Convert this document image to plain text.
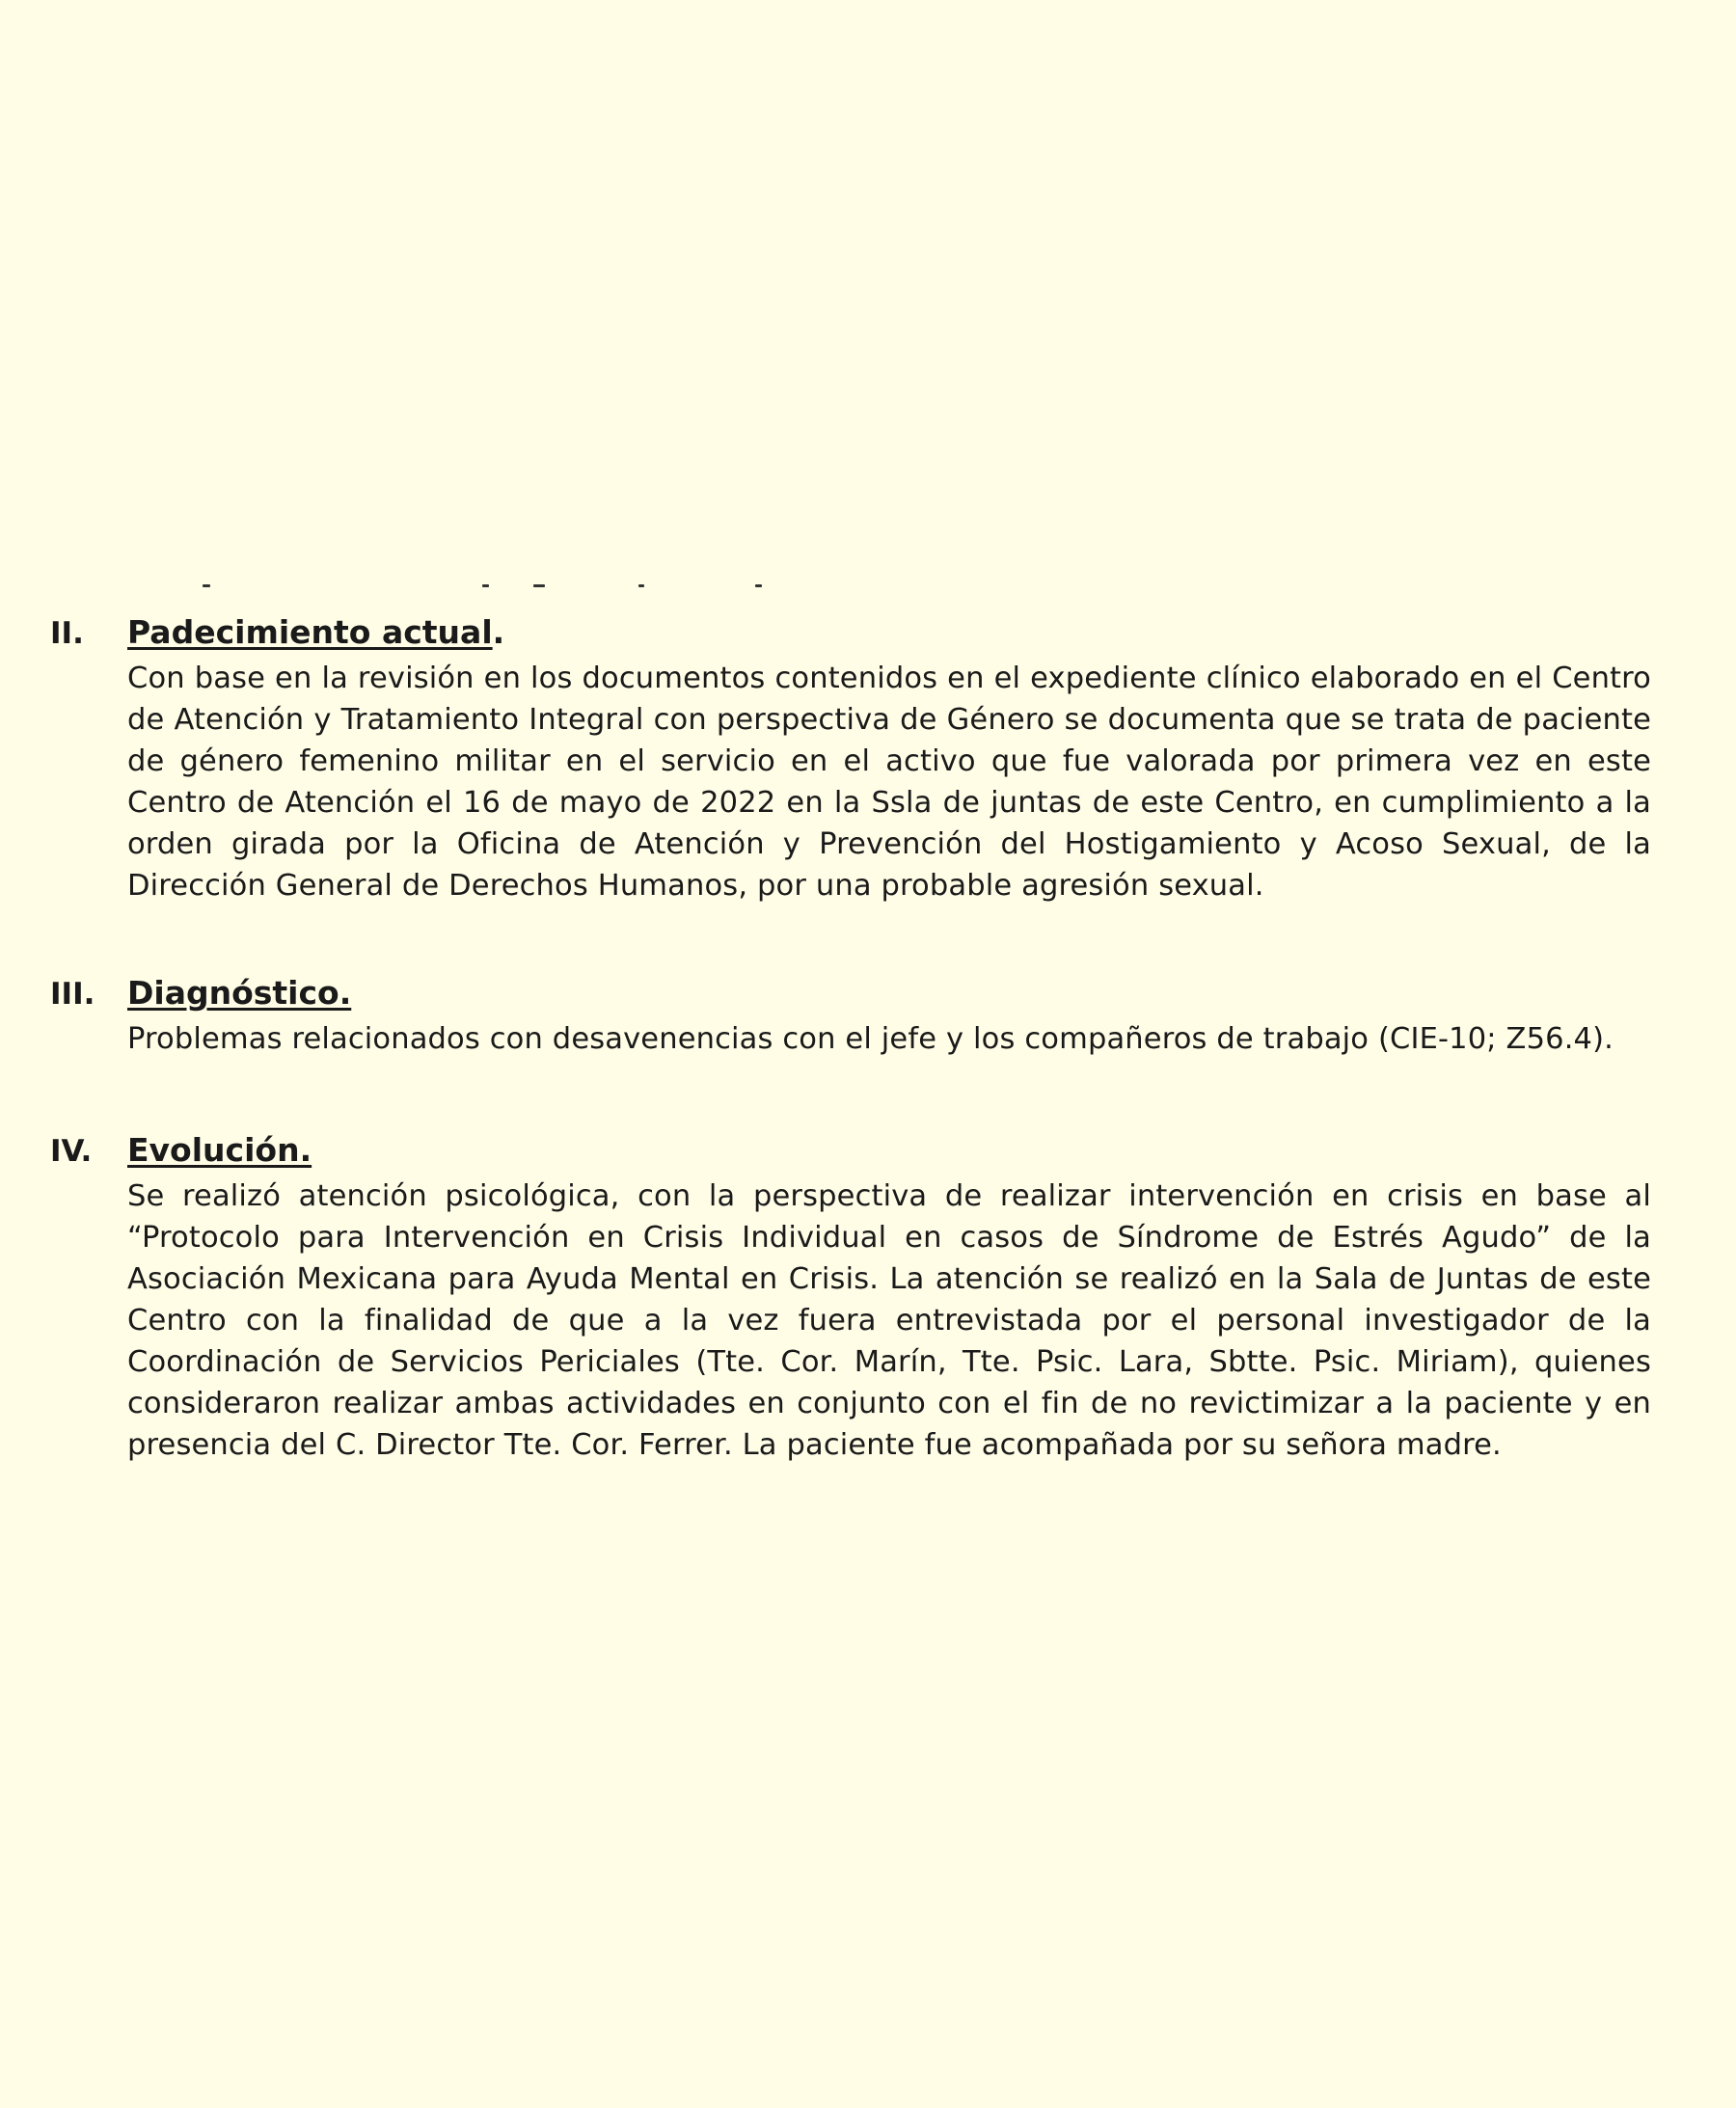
II.	Padecimiento actual .
Con base en la revisión en los documentos contenidos en el expediente clínico elaborado en el Centro de Atención y Tratamiento Integral con perspectiva de Género se documenta que se trata de paciente de género femenino militar en el servicio en el activo que fue valorada por primera vez en este Centro de Atención el 16 de mayo de 2022 en la Ssla de juntas de este Centro, en cumplimiento a la orden girada por la Oficina de Atención y Prevención del Hostigamiento y Acoso Sexual, de la Dirección General de Derechos Humanos, por una probable agresión sexual.
III.	Diagnóstico.
Problemas relacionados con desavenencias con el jefe y los compañeros de trabajo (CIE-10; Z56.4).
IV.	Evolución.
Se realizó atención psicológica, con la perspectiva de realizar intervención en crisis en base al “Protocolo para Intervención en Crisis Individual en casos de Síndrome de Estrés Agudo” de la Asociación Mexicana para Ayuda Mental en Crisis. La atención se realizó en la Sala de Juntas de este Centro con la finalidad de que a la vez fuera entrevistada por el personal investigador de la Coordinación de Servicios Periciales (Tte. Cor. Marín, Tte. Psic. Lara, Sbtte. Psic. Miriam), quienes consideraron realizar ambas actividades en conjunto con el fin de no revictimizar a la paciente y en presencia del C. Director Tte. Cor. Ferrer. La paciente fue acompañada por su señora madre.
